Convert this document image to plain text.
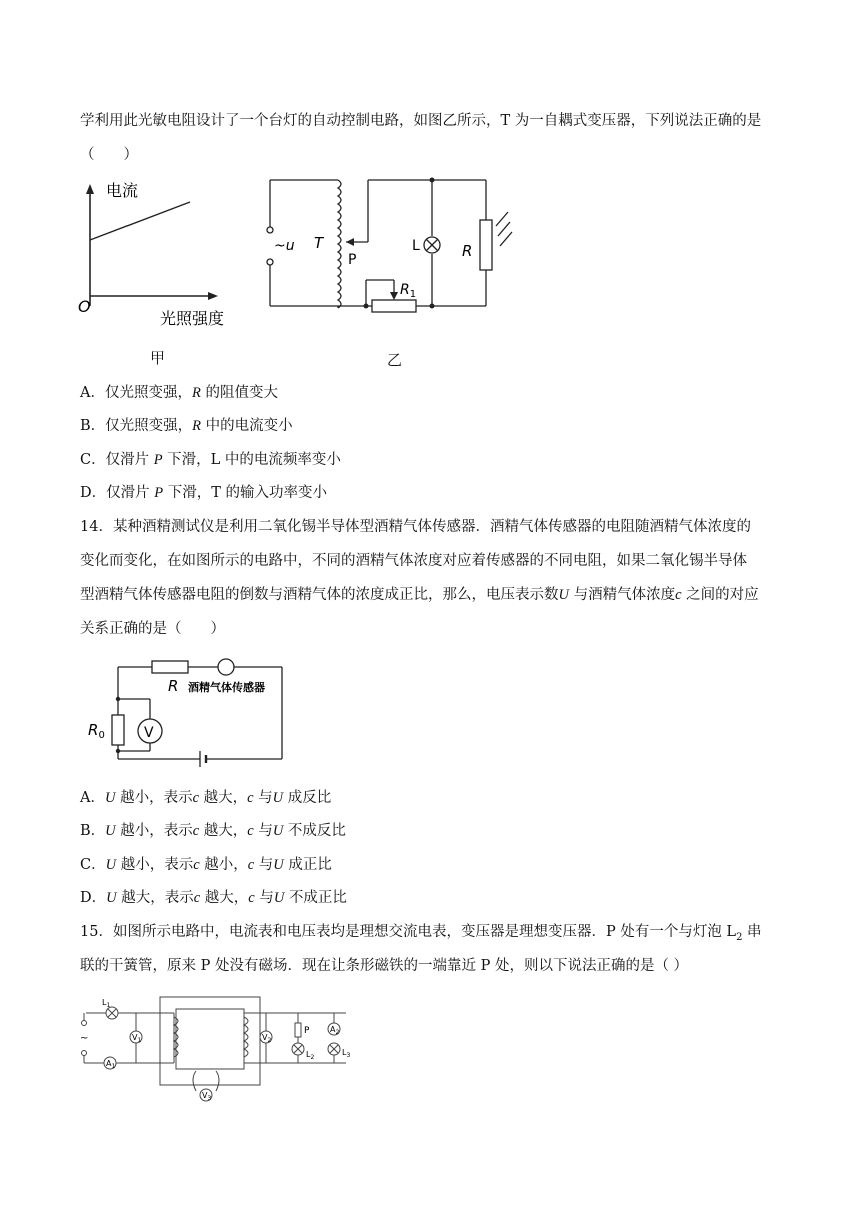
学利用此光敏电阻设计了一个台灯的自动控制电路，如图乙所示，T 为一自耦式变压器，下列说法正确的是
（　　）
电流
O
光照强度
甲
~u T
P
L	R
$R_1$
乙
A．仅光照变强，R 的阻值变大
B．仅光照变强，R 中的电流变小
C．仅滑片 P 下滑，L 中的电流频率变小
D．仅滑片 P 下滑，T 的输入功率变小
14．某种酒精测试仪是利用二氧化锡半导体型酒精气体传感器．酒精气体传感器的电阻随酒精气体浓度的
变化而变化，在如图所示的电路中，不同的酒精气体浓度对应着传感器的不同电阻，如果二氧化锡半导体
型酒精气体传感器电阻的倒数与酒精气体的浓度成正比，那么，电压表示数U 与酒精气体浓度c 之间的对应
关系正确的是（　　）
R 酒精气体传感器
$R_0$	V
A．U 越小，表示c 越大，c 与U 成反比
B．U 越小，表示c 越大，c 与U 不成反比
C．U 越小，表示c 越小，c 与U 成正比
D．U 越大，表示c 越大，c 与U 不成正比
15．如图所示电路中，电流表和电压表均是理想交流电表，变压器是理想变压器．P 处有一个与灯泡 $L_2$ 串
联的干簧管，原来 P 处没有磁场．现在让条形磁铁的一端靠近 P 处，则以下说法正确的是（ ）
$L_1$
$V_1$
$A_1$
~	$V_2$
P
$L_2$
$A_2$
$L_3$
$V_3$
